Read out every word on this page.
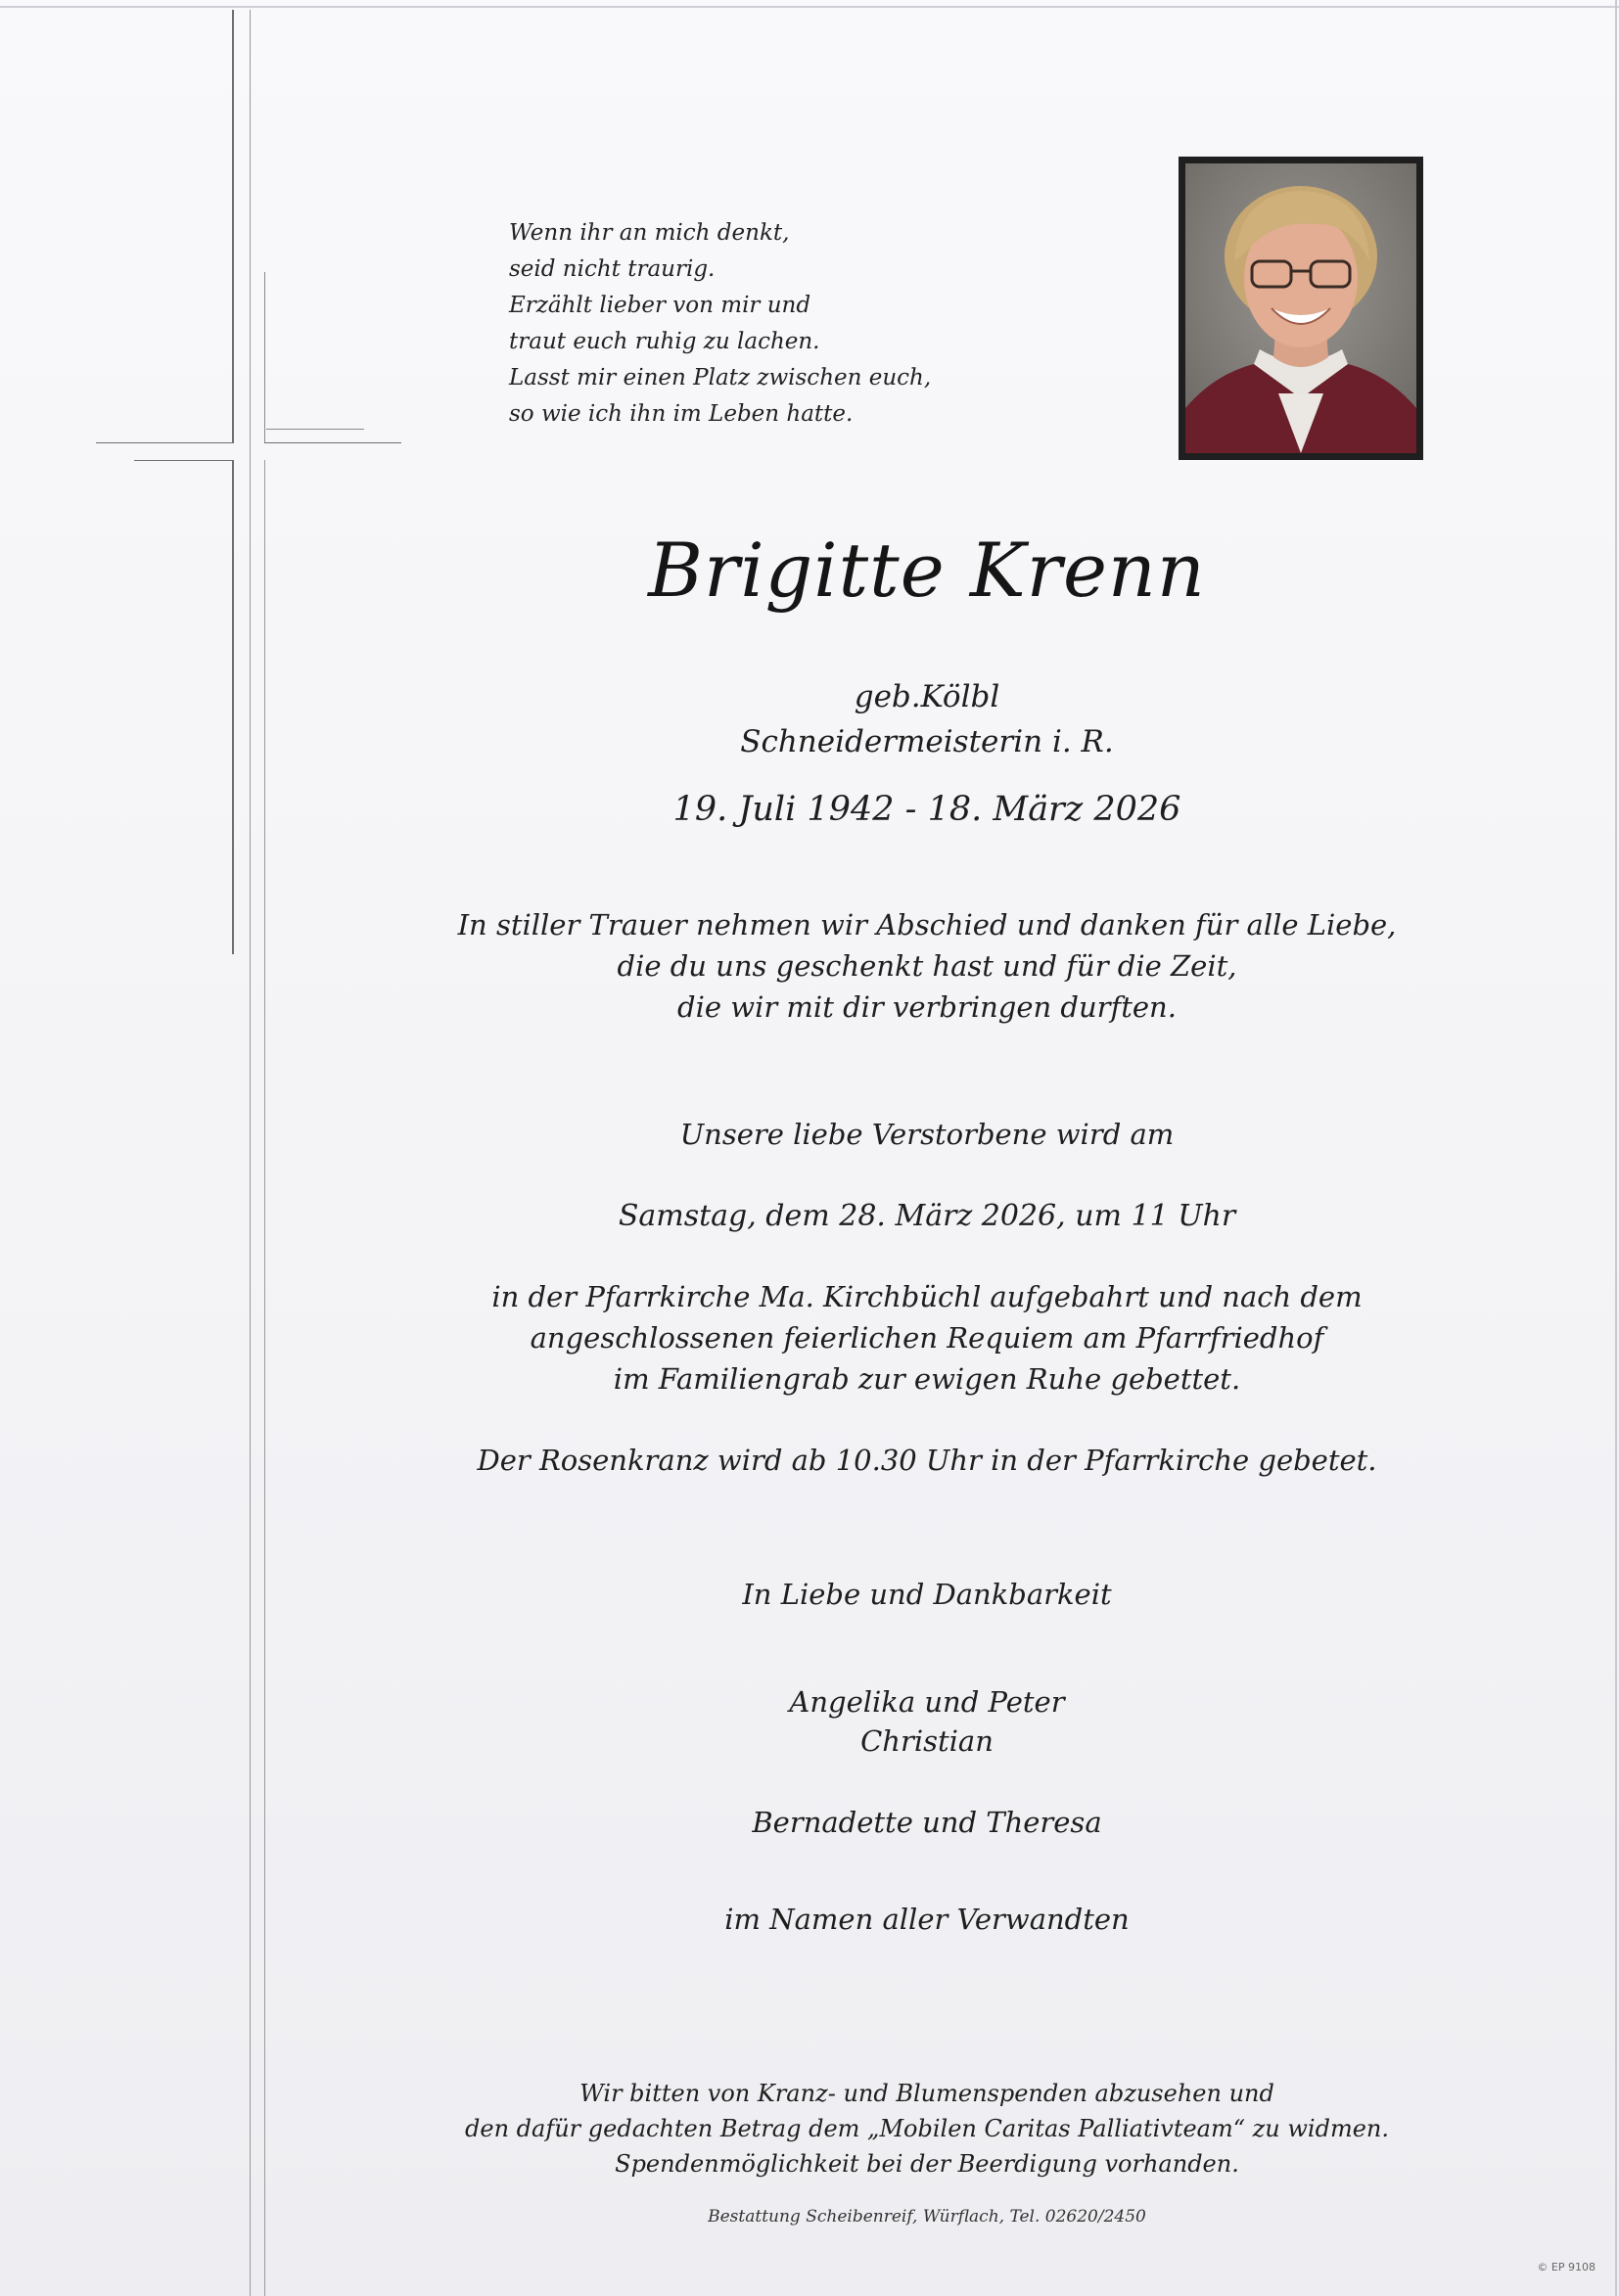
Wenn ihr an mich denkt,
seid nicht traurig.
Erzählt lieber von mir und
traut euch ruhig zu lachen.
Lasst mir einen Platz zwischen euch,
so wie ich ihn im Leben hatte.
Brigitte Krenn
geb.Kölbl
Schneidermeisterin i. R.
19. Juli 1942 - 18. März 2026
In stiller Trauer nehmen wir Abschied und danken für alle Liebe,
die du uns geschenkt hast und für die Zeit,
die wir mit dir verbringen durften.
Unsere liebe Verstorbene wird am
Samstag, dem 28. März 2026, um 11 Uhr
in der Pfarrkirche Ma. Kirchbüchl aufgebahrt und nach dem
angeschlossenen feierlichen Requiem am Pfarrfriedhof
im Familiengrab zur ewigen Ruhe gebettet.
Der Rosenkranz wird ab 10.30 Uhr in der Pfarrkirche gebetet.
In Liebe und Dankbarkeit
Angelika und Peter
Christian
Bernadette und Theresa
im Namen aller Verwandten
Wir bitten von Kranz- und Blumenspenden abzusehen und
den dafür gedachten Betrag dem „Mobilen Caritas Palliativteam“ zu widmen.
Spendenmöglichkeit bei der Beerdigung vorhanden.
Bestattung Scheibenreif, Würflach, Tel. 02620/2450
© EP 9108
